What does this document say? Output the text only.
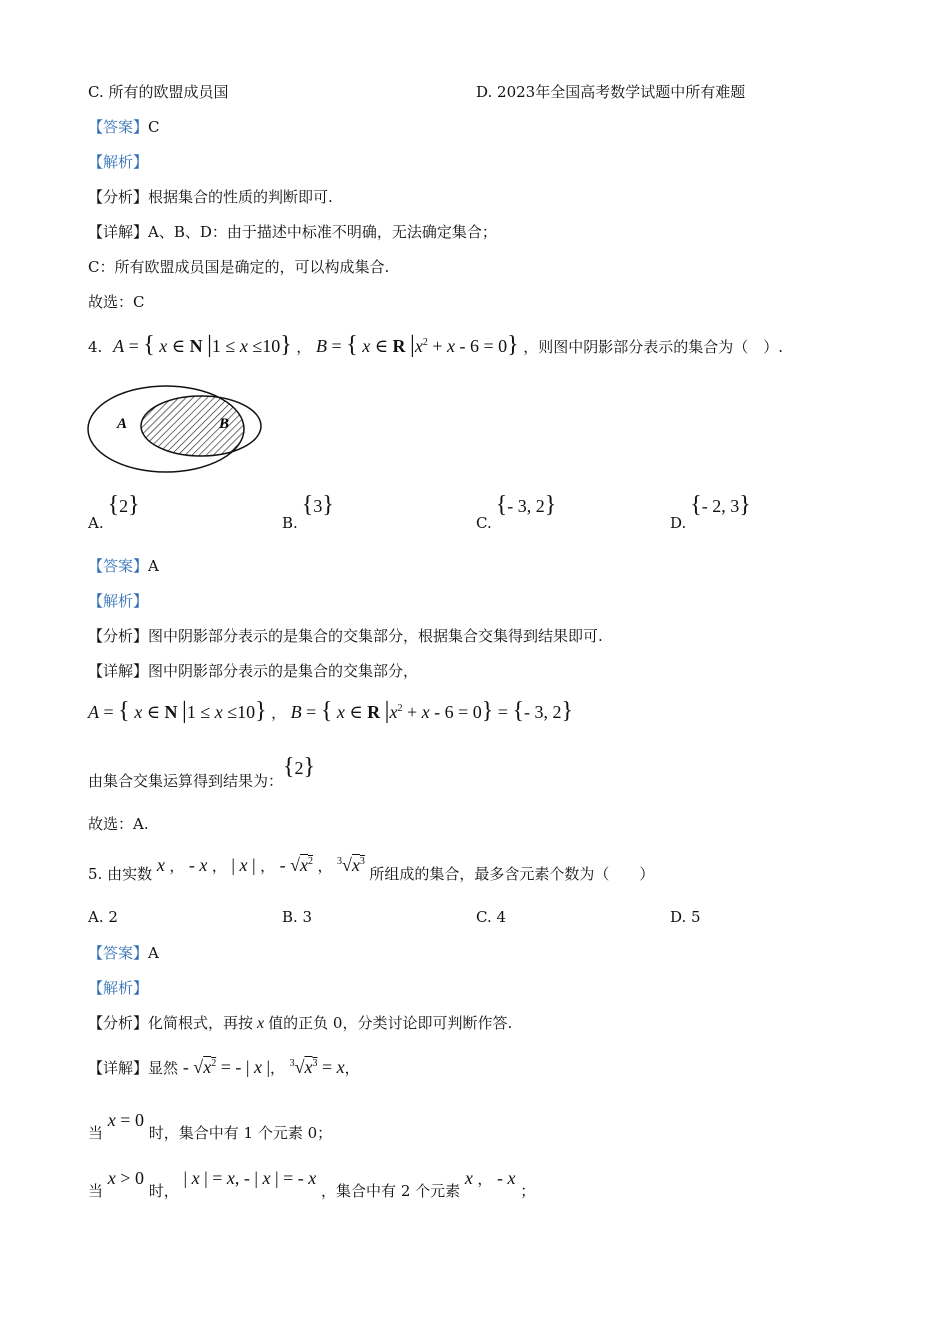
C. 所有的欧盟成员国	D. 2023年全国高考数学试题中所有难题
【答案】C
【解析】
【分析】根据集合的性质的判断即可.
【详解】A、B、D：由于描述中标准不明确，无法确定集合；
C：所有欧盟成员国是确定的，可以构成集合.
故选：C
4. A = { x ∈ N |1 ≤ x ≤10} ， B = { x ∈ R $|x^2 + x - 6 = 0$} ，则图中阴影部分表示的集合为（　）.
A	B
A.{2}
B.{3}
C.{- 3, 2}
D.{- 2, 3}
【答案】A
【解析】
【分析】图中阴影部分表示的是集合的交集部分，根据集合交集得到结果即可.
【详解】图中阴影部分表示的是集合的交集部分，
A = { x ∈ N |1 ≤ x ≤10} ， B = { x ∈ R $|x^2 + x - 6 = 0$} = {- 3, 2}
由集合交集运算得到结果为：{2}
故选：A.
5. 由实数 x ， - x ， | x | ， - $√x^2$ ， $^3√x^3$ 所组成的集合，最多含元素个数为（　　）
A. 2	B. 3	C. 4	D. 5
【答案】A
【解析】
【分析】化简根式，再按 x 值的正负 0，分类讨论即可判断作答.
【详解】显然 - $√x^2$ = - | x |， $^3√x^3 = x$，
当 x = 0 时，集合中有 1 个元素 0；
当 x > 0 时， | x | = x, - | x | = - x ，集合中有 2 个元素 x ， - x ；
